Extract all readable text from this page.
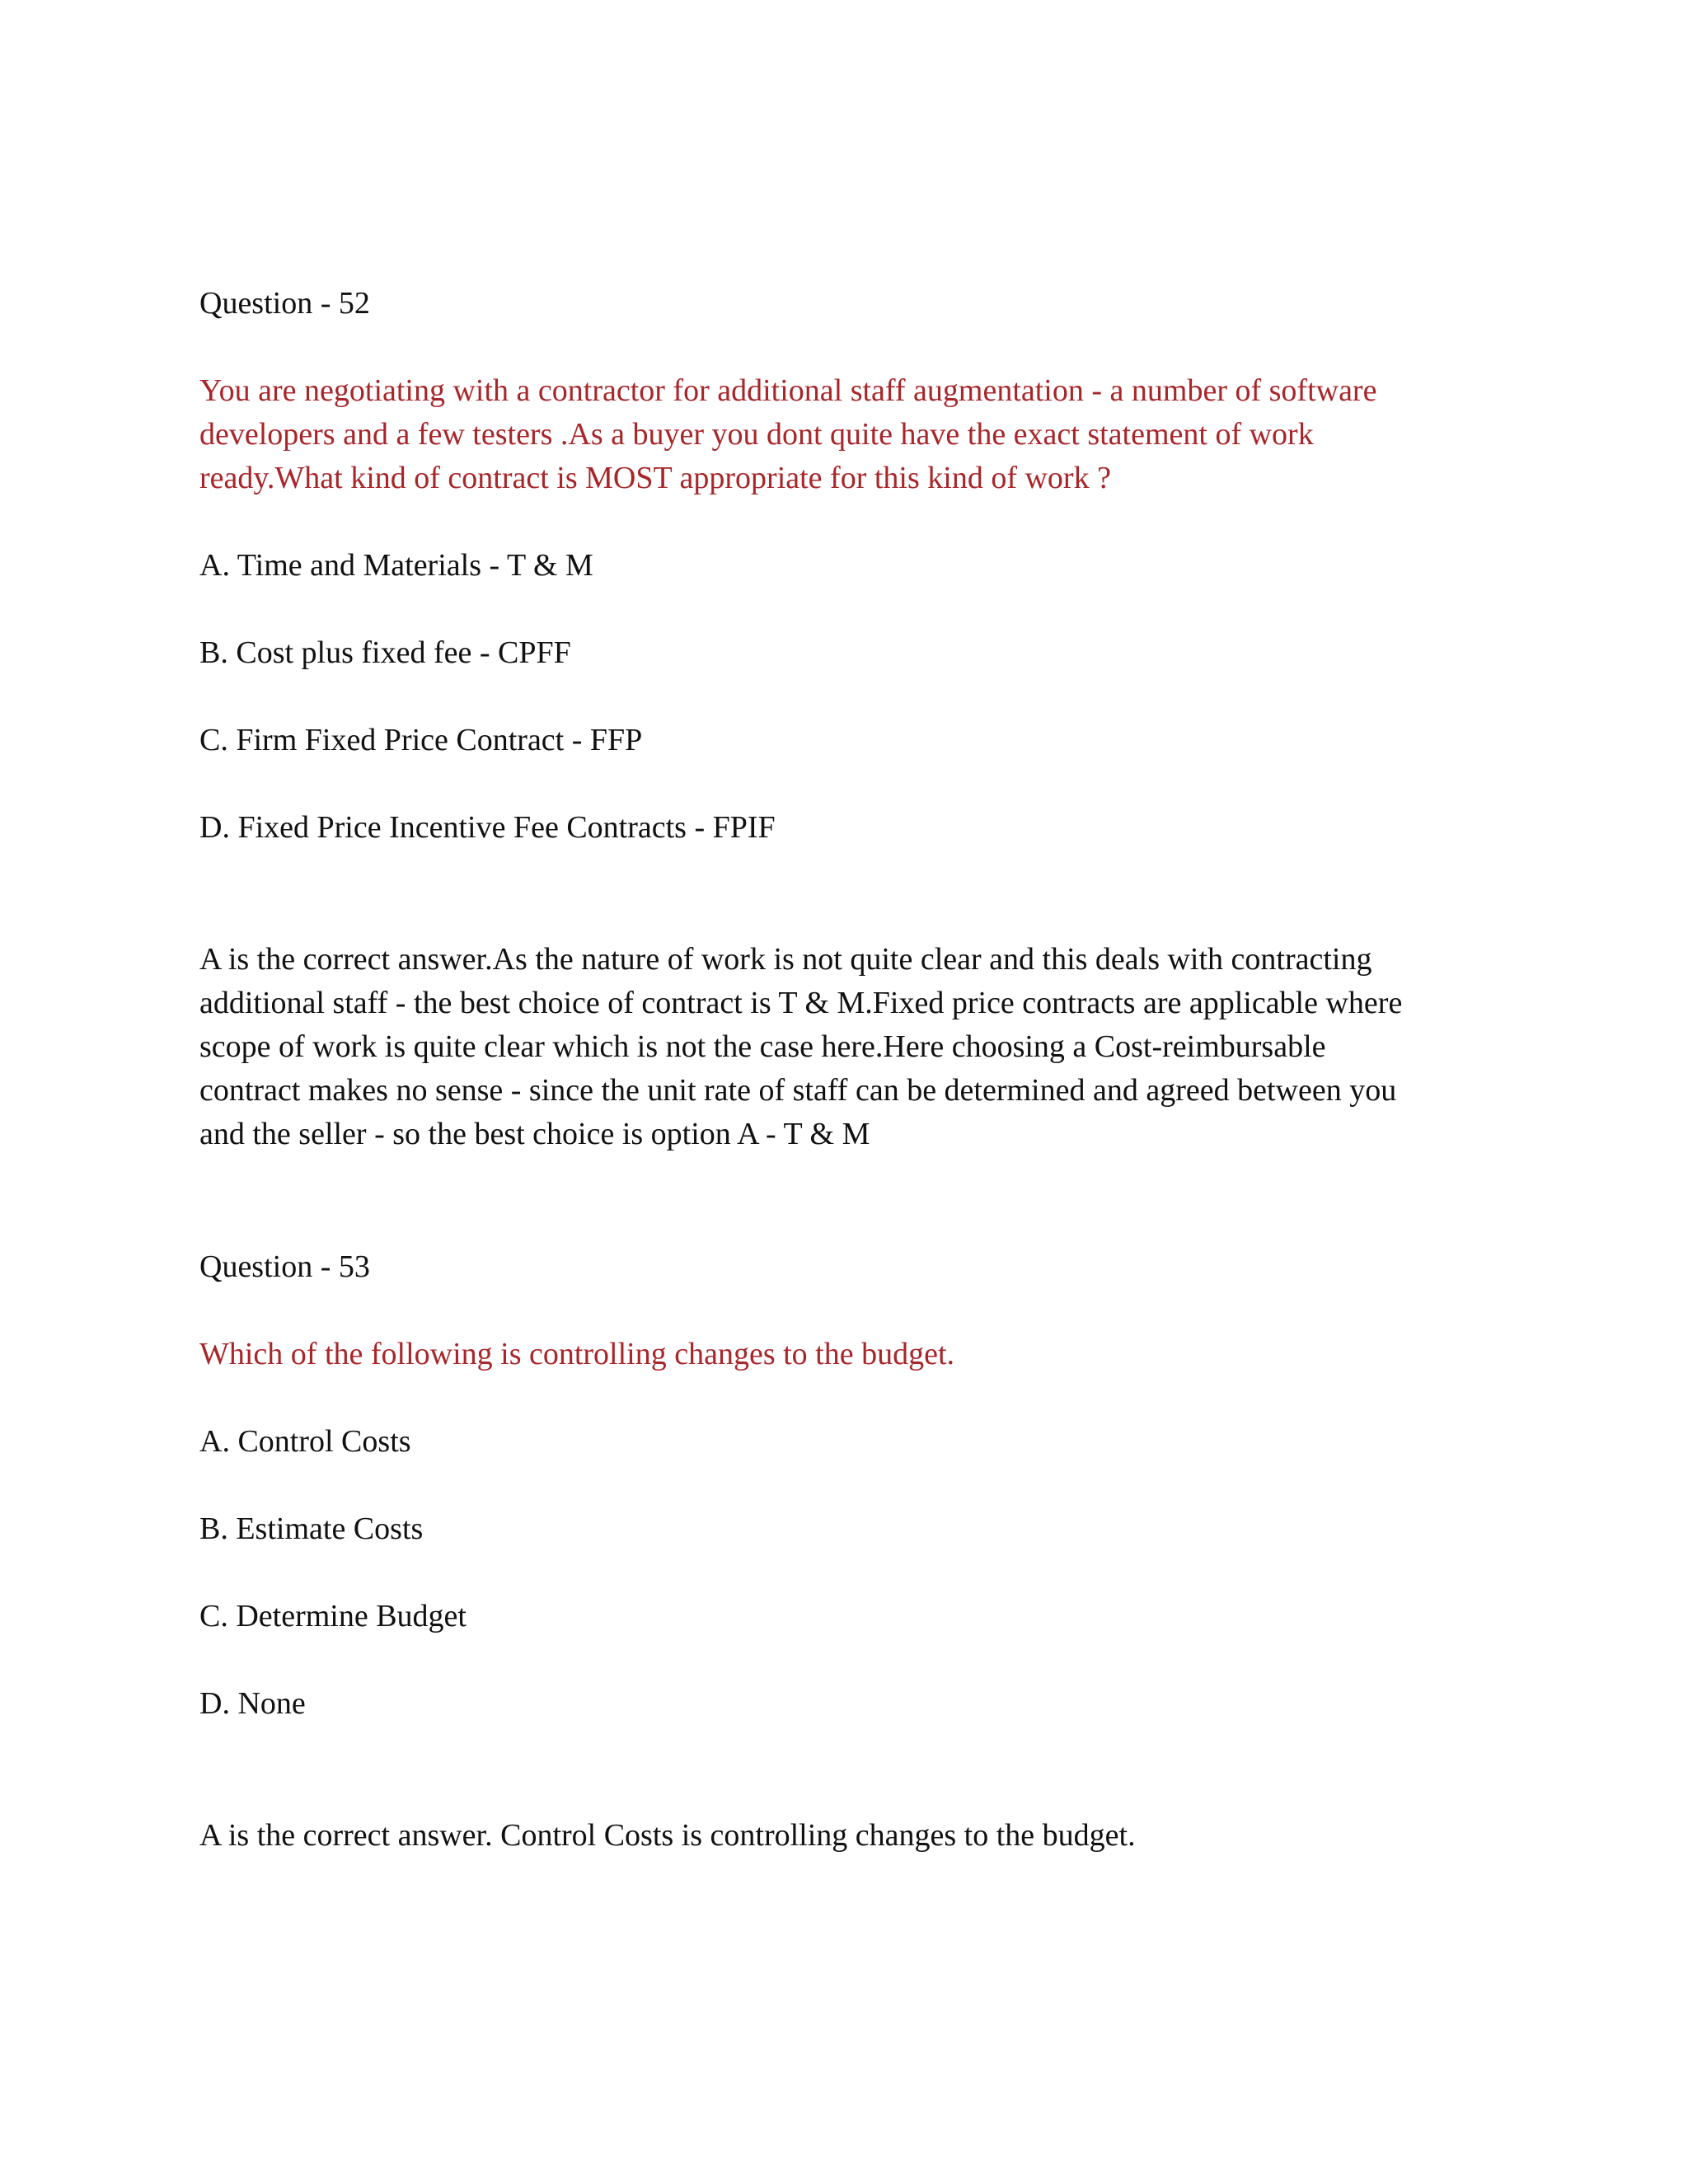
Question - 52
You are negotiating with a contractor for additional staff augmentation - a number of software
developers and a few testers .As a buyer you dont quite have the exact statement of work
ready.What kind of contract is MOST appropriate for this kind of work ?
A. Time and Materials - T & M
B. Cost plus fixed fee - CPFF
C. Firm Fixed Price Contract - FFP
D. Fixed Price Incentive Fee Contracts - FPIF
A is the correct answer.As the nature of work is not quite clear and this deals with contracting
additional staff - the best choice of contract is T & M.Fixed price contracts are applicable where
scope of work is quite clear which is not the case here.Here choosing a Cost-reimbursable
contract makes no sense - since the unit rate of staff can be determined and agreed between you
and the seller - so the best choice is option A - T & M
Question - 53
Which of the following is controlling changes to the budget.
A. Control Costs
B. Estimate Costs
C. Determine Budget
D. None
A is the correct answer. Control Costs is controlling changes to the budget.
